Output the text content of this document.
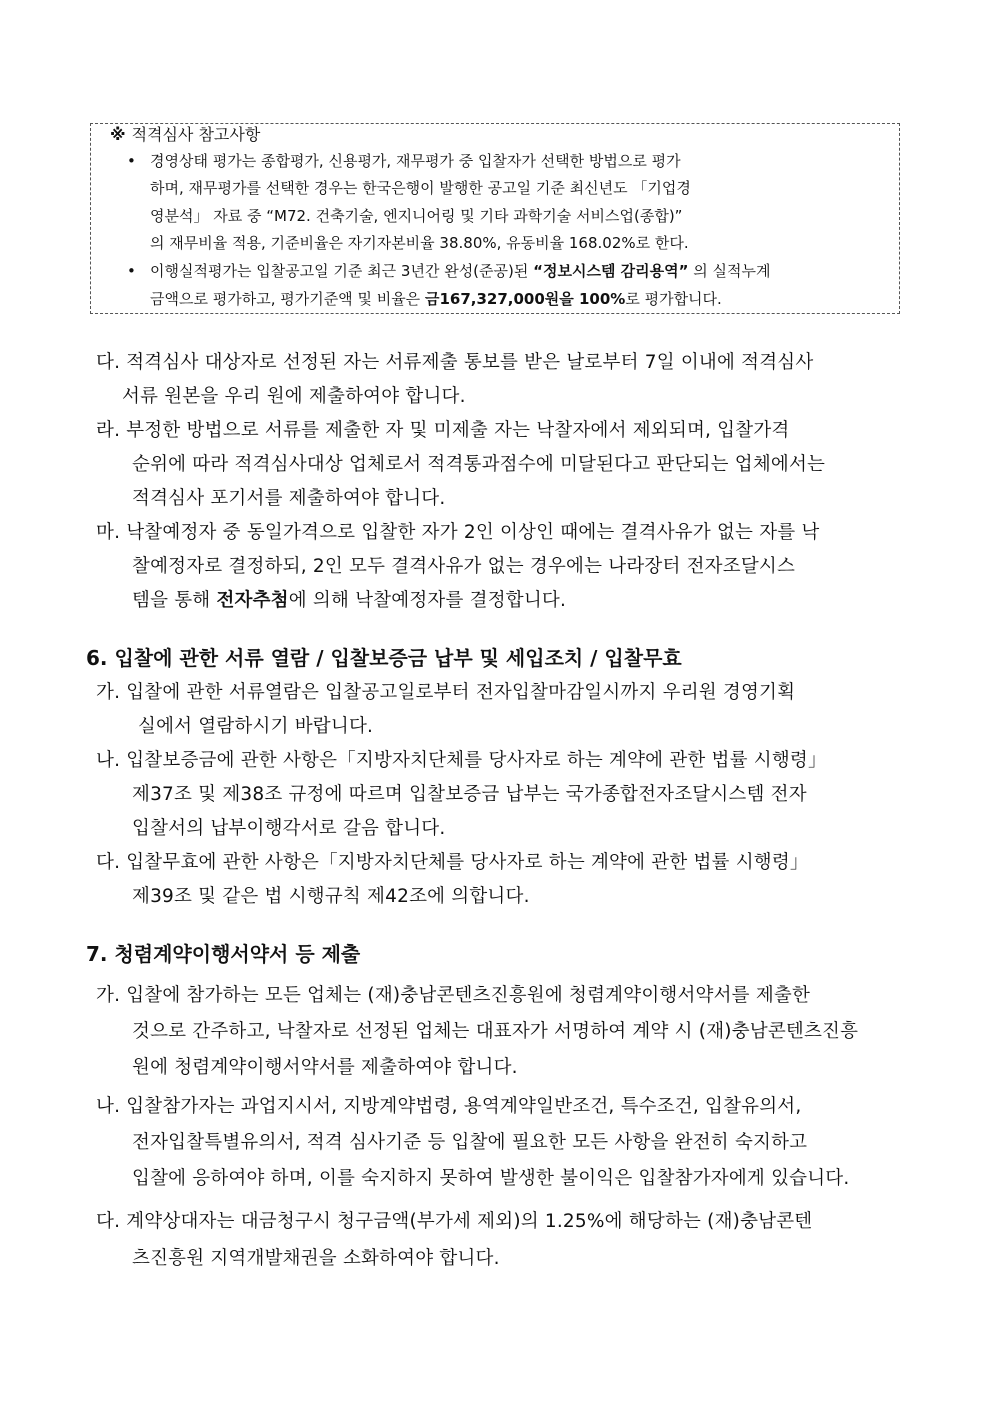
※ 적격심사 참고사항
• 경영상태 평가는 종합평가, 신용평가, 재무평가 중 입찰자가 선택한 방법으로 평가
하며, 재무평가를 선택한 경우는 한국은행이 발행한 공고일 기준 최신년도 「기업경
영분석」 자료 중 “M72. 건축기술, 엔지니어링 및 기타 과학기술 서비스업(종합)”
의 재무비율 적용, 기준비율은 자기자본비율 38.80%, 유동비율 168.02%로 한다.
• 이행실적평가는 입찰공고일 기준 최근 3년간 완성(준공)된 “정보시스템 감리용역” 의 실적누계
금액으로 평가하고, 평가기준액 및 비율은 금167,327,000원을 100%로 평가합니다.
다. 적격심사 대상자로 선정된 자는 서류제출 통보를 받은 날로부터 7일 이내에 적격심사
서류 원본을 우리 원에 제출하여야 합니다.
라. 부정한 방법으로 서류를 제출한 자 및 미제출 자는 낙찰자에서 제외되며, 입찰가격
순위에 따라 적격심사대상 업체로서 적격통과점수에 미달된다고 판단되는 업체에서는
적격심사 포기서를 제출하여야 합니다.
마. 낙찰예정자 중 동일가격으로 입찰한 자가 2인 이상인 때에는 결격사유가 없는 자를 낙
찰예정자로 결정하되, 2인 모두 결격사유가 없는 경우에는 나라장터 전자조달시스
템을 통해 전자추첨에 의해 낙찰예정자를 결정합니다.
6. 입찰에 관한 서류 열람 / 입찰보증금 납부 및 세입조치 / 입찰무효
가. 입찰에 관한 서류열람은 입찰공고일로부터 전자입찰마감일시까지 우리원 경영기획
실에서 열람하시기 바랍니다.
나. 입찰보증금에 관한 사항은「지방자치단체를 당사자로 하는 계약에 관한 법률 시행령」
제37조 및 제38조 규정에 따르며 입찰보증금 납부는 국가종합전자조달시스템 전자
입찰서의 납부이행각서로 갈음 합니다.
다. 입찰무효에 관한 사항은「지방자치단체를 당사자로 하는 계약에 관한 법률 시행령」
제39조 및 같은 법 시행규칙 제42조에 의합니다.
7. 청렴계약이행서약서 등 제출
가. 입찰에 참가하는 모든 업체는 (재)충남콘텐츠진흥원에 청렴계약이행서약서를 제출한
것으로 간주하고, 낙찰자로 선정된 업체는 대표자가 서명하여 계약 시 (재)충남콘텐츠진흥
원에 청렴계약이행서약서를 제출하여야 합니다.
나. 입찰참가자는 과업지시서, 지방계약법령, 용역계약일반조건, 특수조건, 입찰유의서,
전자입찰특별유의서, 적격 심사기준 등 입찰에 필요한 모든 사항을 완전히 숙지하고
입찰에 응하여야 하며, 이를 숙지하지 못하여 발생한 불이익은 입찰참가자에게 있습니다.
다. 계약상대자는 대금청구시 청구금액(부가세 제외)의 1.25%에 해당하는 (재)충남콘텐
츠진흥원 지역개발채권을 소화하여야 합니다.
